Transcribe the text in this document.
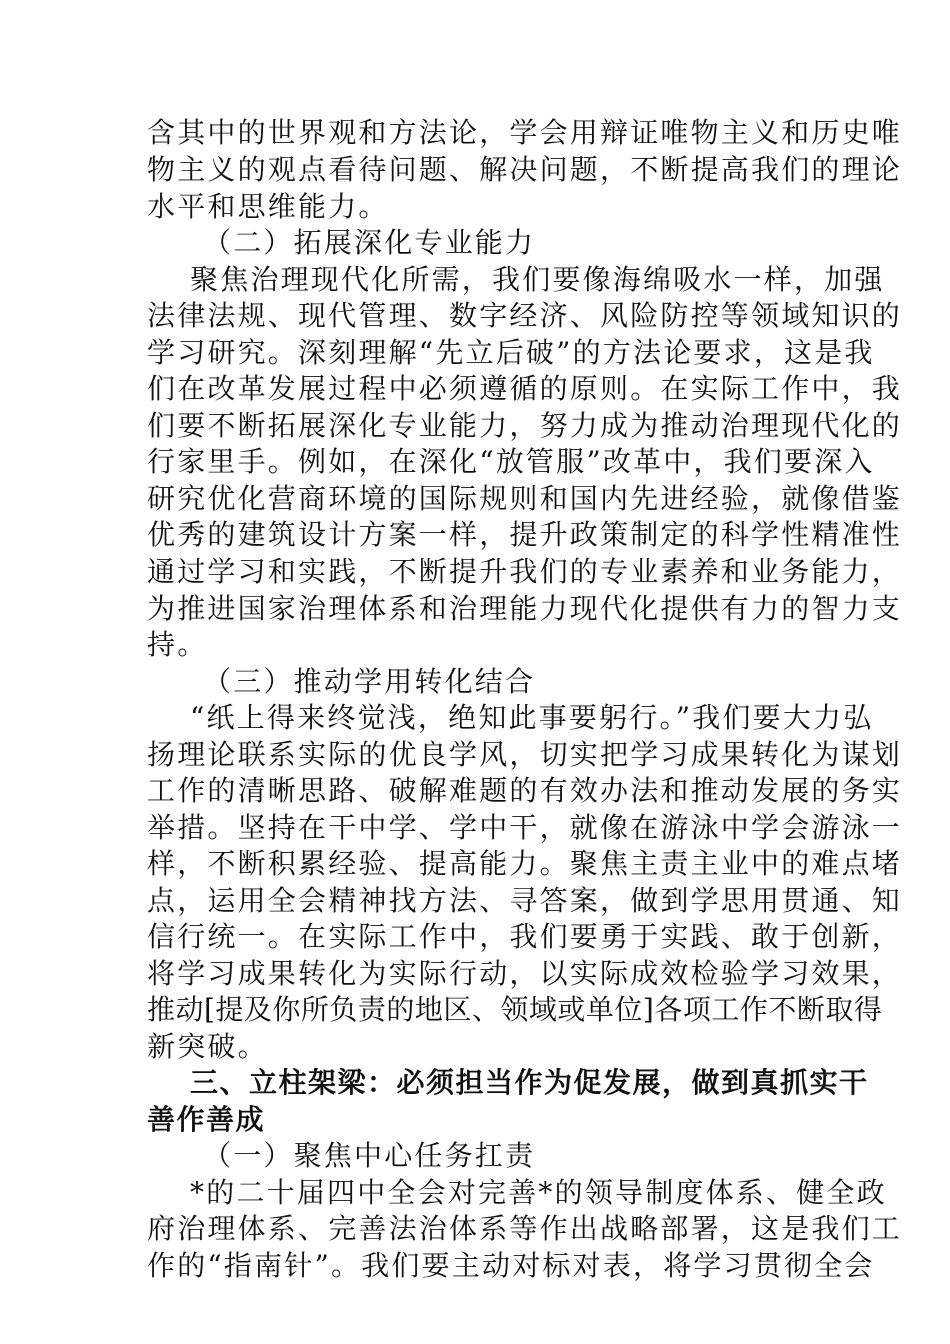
含其中的世界观和方法论，学会用辩证唯物主义和历史唯
物主义的观点看待问题、解决问题，不断提高我们的理论
水平和思维能力。
（二）拓展深化专业能力
聚焦治理现代化所需，我们要像海绵吸水一样，加强
法律法规、现代管理、数字经济、风险防控等领域知识的
学习研究。深刻理解“先立后破”的方法论要求，这是我
们在改革发展过程中必须遵循的原则。在实际工作中，我
们要不断拓展深化专业能力，努力成为推动治理现代化的
行家里手。例如，在深化“放管服”改革中，我们要深入
研究优化营商环境的国际规则和国内先进经验，就像借鉴
优秀的建筑设计方案一样，提升政策制定的科学性精准性
通过学习和实践，不断提升我们的专业素养和业务能力，
为推进国家治理体系和治理能力现代化提供有力的智力支
持。
（三）推动学用转化结合
“纸上得来终觉浅，绝知此事要躬行。”我们要大力弘
扬理论联系实际的优良学风，切实把学习成果转化为谋划
工作的清晰思路、破解难题的有效办法和推动发展的务实
举措。坚持在干中学、学中干，就像在游泳中学会游泳一
样，不断积累经验、提高能力。聚焦主责主业中的难点堵
点，运用全会精神找方法、寻答案，做到学思用贯通、知
信行统一。在实际工作中，我们要勇于实践、敢于创新，
将学习成果转化为实际行动，以实际成效检验学习效果，
推动[提及你所负责的地区、领域或单位]各项工作不断取得
新突破。
三、立柱架梁：必须担当作为促发展，做到真抓实干
善作善成
（一）聚焦中心任务扛责
*的二十届四中全会对完善*的领导制度体系、健全政
府治理体系、完善法治体系等作出战略部署，这是我们工
作的“指南针”。我们要主动对标对表，将学习贯彻全会
